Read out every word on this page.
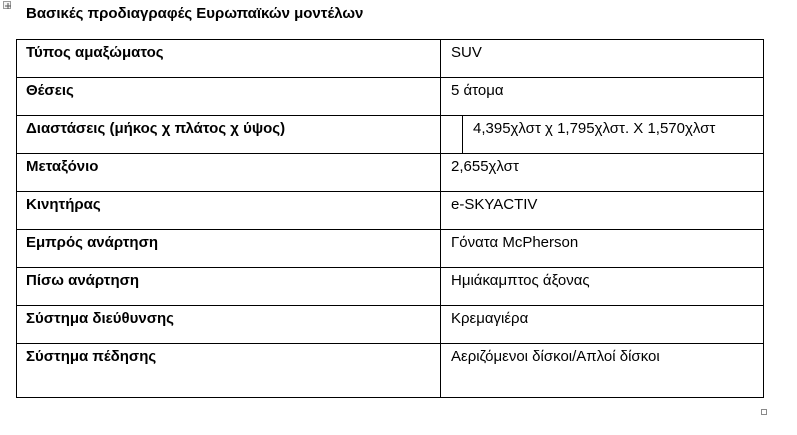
Βασικές προδιαγραφές Ευρωπαϊκών μοντέλων
Τύπος αμαξώματος	SUV
Θέσεις	5 άτομα
Διαστάσεις (μήκος χ πλάτος χ ύψος)	4,395χλστ χ 1,795χλστ. Χ 1,570χλστ
Μεταξόνιο	2,655χλστ
Κινητήρας	e-SKYACTIV
Εμπρός ανάρτηση	Γόνατα McPherson
Πίσω ανάρτηση	Ημιάκαμπτος άξονας
Σύστημα διεύθυνσης	Κρεμαγιέρα
Σύστημα πέδησης	Αεριζόμενοι δίσκοι/Απλοί δίσκοι
